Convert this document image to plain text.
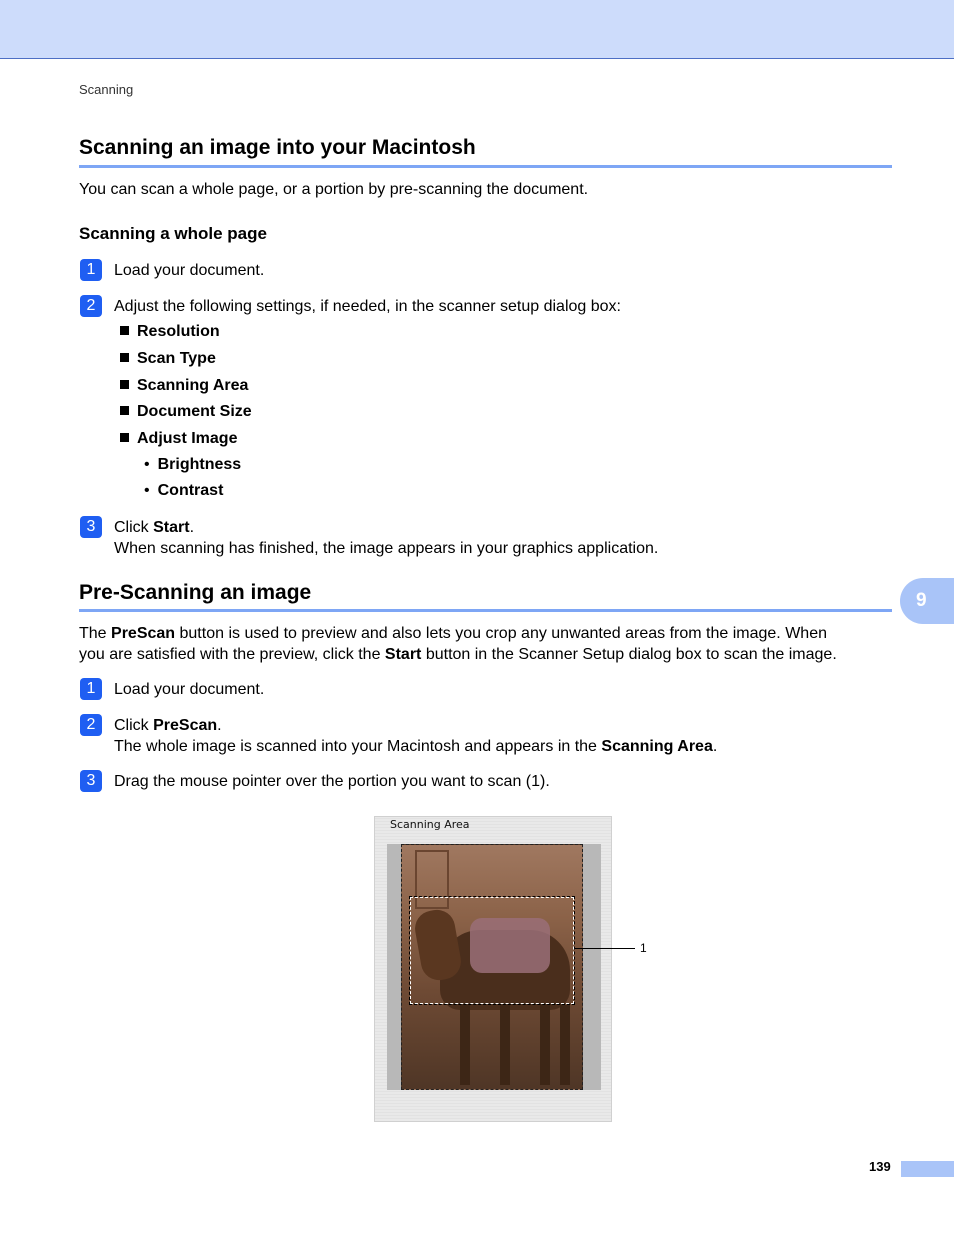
Scanning
Scanning an image into your Macintosh
You can scan a whole page, or a portion by pre-scanning the document.
Scanning a whole page
1	Load your document.
2	Adjust the following settings, if needed, in the scanner setup dialog box:
Resolution
Scan Type
Scanning Area
Document Size
Adjust Image
• Brightness
• Contrast
3	Click Start.
When scanning has finished, the image appears in your graphics application.
Pre-Scanning an image
The PreScan button is used to preview and also lets you crop any unwanted areas from the image. When
you are satisfied with the preview, click the Start button in the Scanner Setup dialog box to scan the image.
1	Load your document.
2	Click PreScan.
The whole image is scanned into your Macintosh and appears in the Scanning Area.
3	Drag the mouse pointer over the portion you want to scan (1).
Scanning Area
1
9
139
